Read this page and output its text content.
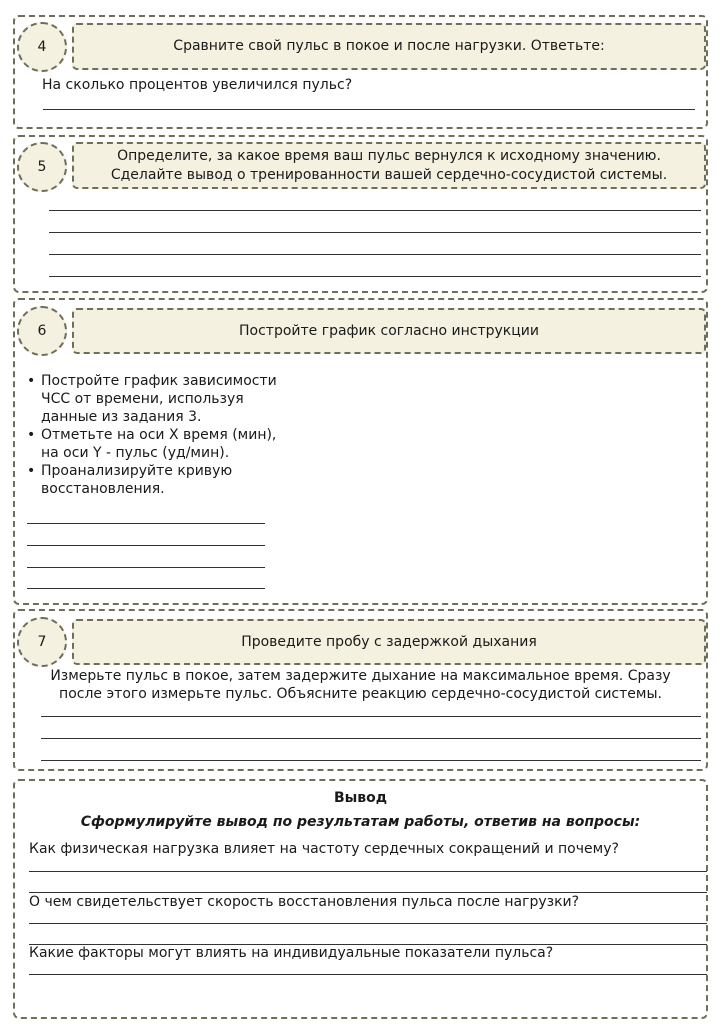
4	Сравните свой пульс в покое и после нагрузки. Ответьте:
На сколько процентов увеличился пульс?
5
Определите, за какое время ваш пульс вернулся к исходному значению.
Сделайте вывод о тренированности вашей сердечно-сосудистой системы.
6	Постройте график согласно инструкции
• Постройте график зависимости ЧСС от времени, используя данные из задания 3.
• Отметьте на оси X время (мин), на оси Y - пульс (уд/мин).
• Проанализируйте кривую восстановления.
7	Проведите пробу с задержкой дыхания
Измерьте пульс в покое, затем задержите дыхание на максимальное время. Сразу
после этого измерьте пульс. Объясните реакцию сердечно-сосудистой системы.
Вывод
Сформулируйте вывод по результатам работы, ответив на вопросы:
Как физическая нагрузка влияет на частоту сердечных сокращений и почему?
О чем свидетельствует скорость восстановления пульса после нагрузки?
Какие факторы могут влиять на индивидуальные показатели пульса?
